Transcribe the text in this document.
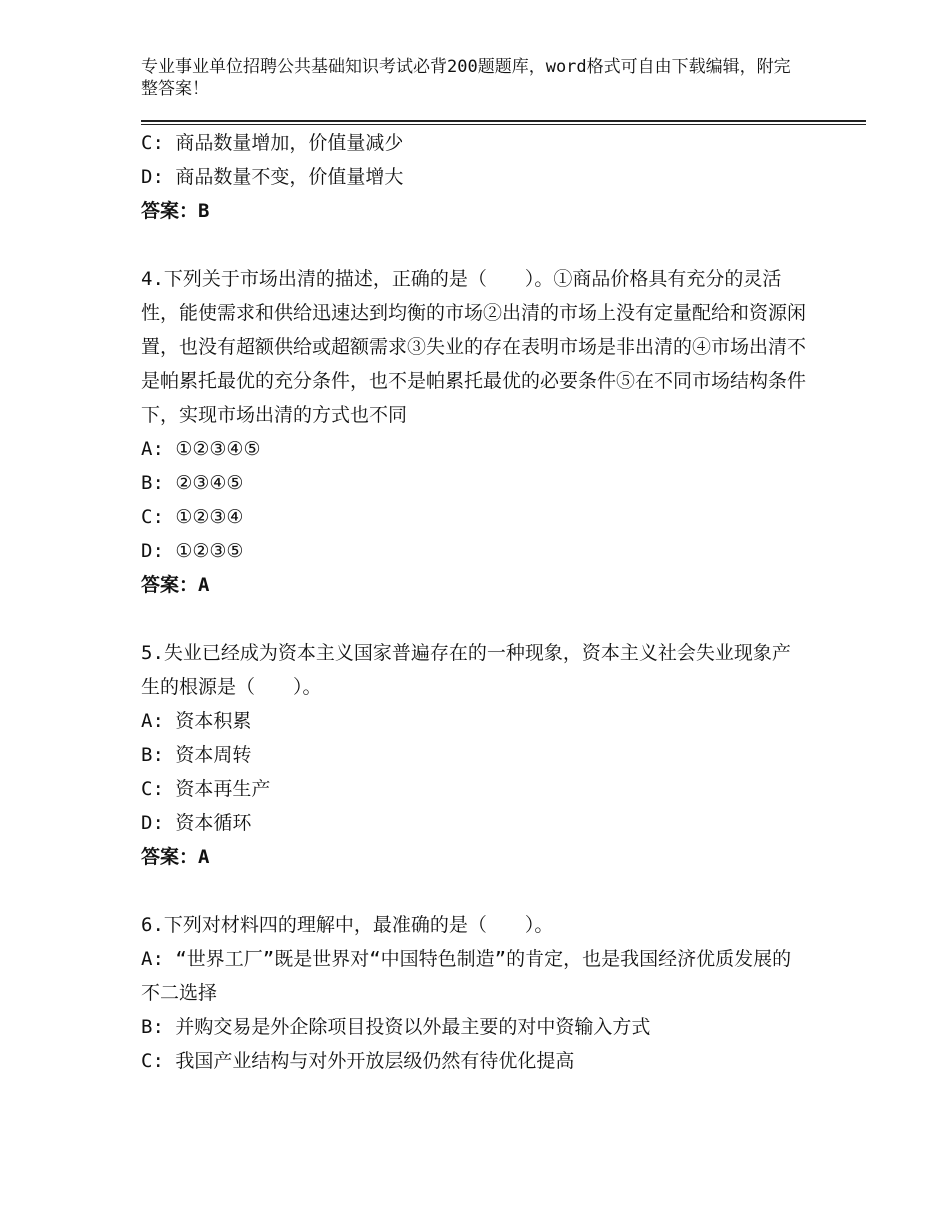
专业事业单位招聘公共基础知识考试必背200题题库，word格式可自由下载编辑，附完整答案！
C: 商品数量增加，价值量减少
D: 商品数量不变，价值量增大
答案：B
4.下列关于市场出清的描述，正确的是（　　）。①商品价格具有充分的灵活性，能使需求和供给迅速达到均衡的市场②出清的市场上没有定量配给和资源闲置，也没有超额供给或超额需求③失业的存在表明市场是非出清的④市场出清不是帕累托最优的充分条件，也不是帕累托最优的必要条件⑤在不同市场结构条件下，实现市场出清的方式也不同
A: ①②③④⑤
B: ②③④⑤
C: ①②③④
D: ①②③⑤
答案：A
5.失业已经成为资本主义国家普遍存在的一种现象，资本主义社会失业现象产生的根源是（　　）。
A: 资本积累
B: 资本周转
C: 资本再生产
D: 资本循环
答案：A
6.下列对材料四的理解中，最准确的是（　　）。
A: “世界工厂”既是世界对“中国特色制造”的肯定，也是我国经济优质发展的不二选择
B: 并购交易是外企除项目投资以外最主要的对中资输入方式
C: 我国产业结构与对外开放层级仍然有待优化提高
